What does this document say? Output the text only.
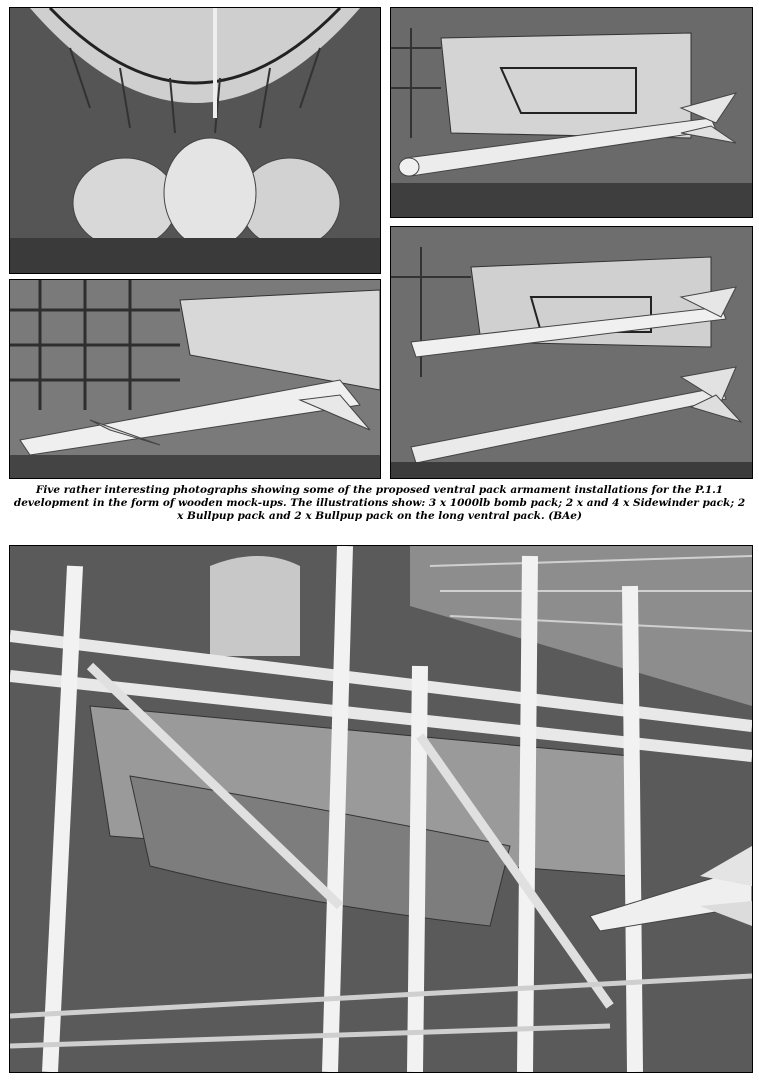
Five rather interesting photographs showing some of the proposed ventral pack armament installations for the P.1.1 development in the form of wooden mock-ups. The illustrations show: 3 x 1000lb bomb pack; 2 x and 4 x Sidewinder pack; 2 x Bullpup pack and 2 x Bullpup pack on the long ventral pack. (BAe)
